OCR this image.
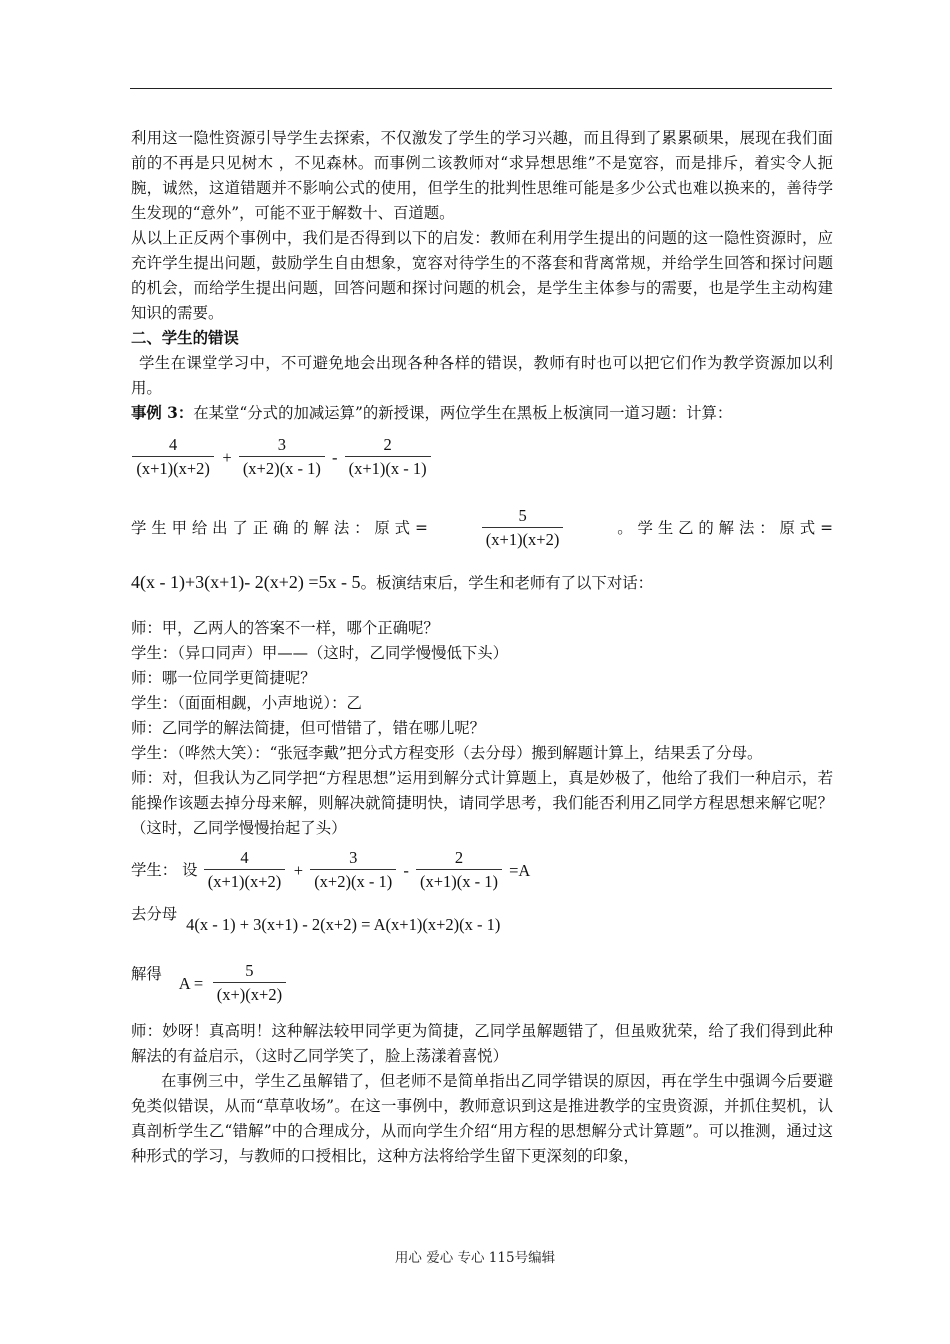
利用这一隐性资源引导学生去探索，不仅激发了学生的学习兴趣，而且得到了累累硕果，展现在我们面前的不再是只见树木 ，不见森林。而事例二该教师对“求异想思维”不是宽容，而是排斥，着实令人扼腕，诚然，这道错题并不影响公式的使用，但学生的批判性思维可能是多少公式也难以换来的，善待学生发现的“意外”，可能不亚于解数十、百道题。

从以上正反两个事例中，我们是否得到以下的启发：教师在利用学生提出的问题的这一隐性资源时，应充许学生提出问题，鼓励学生自由想象，宽容对待学生的不落套和背离常规，并给学生回答和探讨问题的机会，而给学生提出问题，回答问题和探讨问题的机会，是学生主体参与的需要，也是学生主动构建知识的需要。

二、学生的错误

学生在课堂学习中，不可避免地会出现各种各样的错误，教师有时也可以把它们作为教学资源加以利用。

事例 3：在某堂“分式的加减运算”的新授课，两位学生在黑板上板演同一道习题：计算：

$\frac{4}{(x+1)(x+2)} + \frac{3}{(x+2)(x - 1)} - \frac{2}{(x+1)(x - 1)}$
学 生 甲 给 出 了 正 确 的 解 法 ： 原 式 =	$\frac{5}{(x+1)(x+2)}$	。 学 生 乙 的 解 法 ： 原 式 =

4(x - 1)+3(x+1)- 2(x+2) =5x - 5。板演结束后，学生和老师有了以下对话：

师：甲，乙两人的答案不一样，哪个正确呢？

学生：（异口同声）甲——（这时，乙同学慢慢低下头）

师：哪一位同学更简捷呢？

学生：（面面相觑，小声地说）：乙

师：乙同学的解法简捷，但可惜错了，错在哪儿呢？

学生：（哗然大笑）：“张冠李戴”把分式方程变形（去分母）搬到解题计算上，结果丢了分母。

师：对，但我认为乙同学把“方程思想”运用到解分式计算题上，真是妙极了，他给了我们一种启示，若能操作该题去掉分母来解，则解决就简捷明快，请同学思考，我们能否利用乙同学方程思想来解它呢？（这时，乙同学慢慢抬起了头）

学生： 设 $\frac{4}{(x+1)(x+2)} + \frac{3}{(x+2)(x - 1)} - \frac{2}{(x+1)(x - 1)} =A$
去分母 4(x - 1) + 3(x+1) - 2(x+2) = A(x+1)(x+2)(x - 1)
解得 $A = \frac{5}{(x+)(x+2)}$

师：妙呀！真高明！这种解法较甲同学更为简捷，乙同学虽解题错了，但虽败犹荣，给了我们得到此种解法的有益启示，（这时乙同学笑了，脸上荡漾着喜悦）

在事例三中，学生乙虽解错了，但老师不是简单指出乙同学错误的原因，再在学生中强调今后要避免类似错误，从而“草草收场”。在这一事例中，教师意识到这是推进教学的宝贵资源，并抓住契机，认真剖析学生乙“错解”中的合理成分，从而向学生介绍“用方程的思想解分式计算题”。可以推测，通过这种形式的学习，与教师的口授相比，这种方法将给学生留下更深刻的印象，

用心 爱心 专心 115号编辑
